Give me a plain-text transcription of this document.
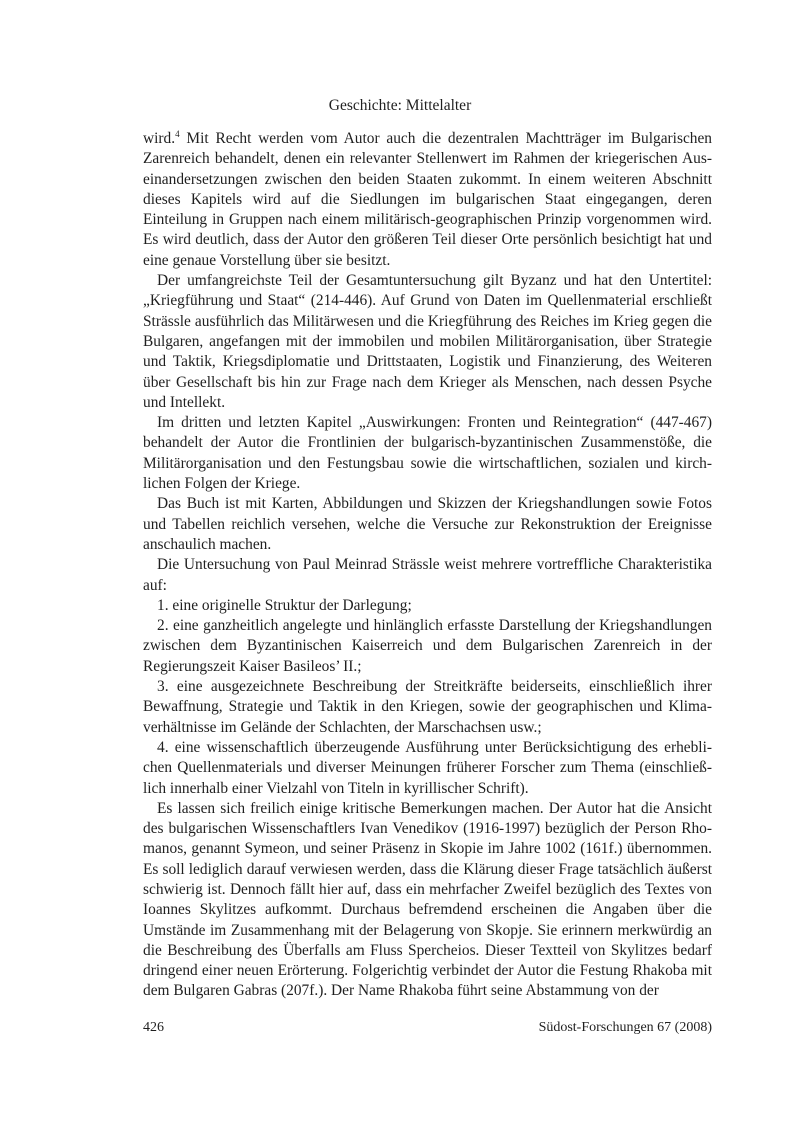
Geschichte: Mittelalter

wird.$^4$ Mit Recht werden vom Autor auch die dezentralen Machtträger im Bulgarischen Zarenreich behandelt, denen ein relevanter Stellenwert im Rahmen der kriegerischen Auseinandersetzungen zwischen den beiden Staaten zukommt. In einem weiteren Abschnitt dieses Kapitels wird auf die Siedlungen im bulgarischen Staat eingegangen, deren Einteilung in Gruppen nach einem militärisch-geographischen Prinzip vorgenommen wird. Es wird deutlich, dass der Autor den größeren Teil dieser Orte persönlich besichtigt hat und eine genaue Vorstellung über sie besitzt.

Der umfangreichste Teil der Gesamtuntersuchung gilt Byzanz und hat den Untertitel: „Kriegführung und Staat“ (214-446). Auf Grund von Daten im Quellenmaterial erschließt Strässle ausführlich das Militärwesen und die Kriegführung des Reiches im Krieg gegen die Bulgaren, angefangen mit der immobilen und mobilen Militärorganisation, über Strategie und Taktik, Kriegsdiplomatie und Drittstaaten, Logistik und Finanzierung, des Weiteren über Gesellschaft bis hin zur Frage nach dem Krieger als Menschen, nach dessen Psyche und Intellekt.

Im dritten und letzten Kapitel „Auswirkungen: Fronten und Reintegration“ (447-467) behandelt der Autor die Frontlinien der bulgarisch-byzantinischen Zusammenstöße, die Militärorganisation und den Festungsbau sowie die wirtschaftlichen, sozialen und kirchlichen Folgen der Kriege.

Das Buch ist mit Karten, Abbildungen und Skizzen der Kriegshandlungen sowie Fotos und Tabellen reichlich versehen, welche die Versuche zur Rekonstruktion der Ereignisse anschaulich machen.

Die Untersuchung von Paul Meinrad Strässle weist mehrere vortreffliche Charakteristika auf:

1. eine originelle Struktur der Darlegung;

2. eine ganzheitlich angelegte und hinlänglich erfasste Darstellung der Kriegshandlungen zwischen dem Byzantinischen Kaiserreich und dem Bulgarischen Zarenreich in der Regierungszeit Kaiser Basileos’ II.;

3. eine ausgezeichnete Beschreibung der Streitkräfte beiderseits, einschließlich ihrer Bewaffnung, Strategie und Taktik in den Kriegen, sowie der geographischen und Klimaverhältnisse im Gelände der Schlachten, der Marschachsen usw.;

4. eine wissenschaftlich überzeugende Ausführung unter Berücksichtigung des erheblichen Quellenmaterials und diverser Meinungen früherer Forscher zum Thema (einschließlich innerhalb einer Vielzahl von Titeln in kyrillischer Schrift).

Es lassen sich freilich einige kritische Bemerkungen machen. Der Autor hat die Ansicht des bulgarischen Wissenschaftlers Ivan Venedikov (1916-1997) bezüglich der Person Rhomanos, genannt Symeon, und seiner Präsenz in Skopie im Jahre 1002 (161f.) übernommen. Es soll lediglich darauf verwiesen werden, dass die Klärung dieser Frage tatsächlich äußerst schwierig ist. Dennoch fällt hier auf, dass ein mehrfacher Zweifel bezüglich des Textes von Ioannes Skylitzes aufkommt. Durchaus befremdend erscheinen die Angaben über die Umstände im Zusammenhang mit der Belagerung von Skopje. Sie erinnern merkwürdig an die Beschreibung des Überfalls am Fluss Spercheios. Dieser Textteil von Skylitzes bedarf dringend einer neuen Erörterung. Folgerichtig verbindet der Autor die Festung Rhakoba mit dem Bulgaren Gabras (207f.). Der Name Rhakoba führt seine Abstammung von der

426	Südost-Forschungen 67 (2008)
